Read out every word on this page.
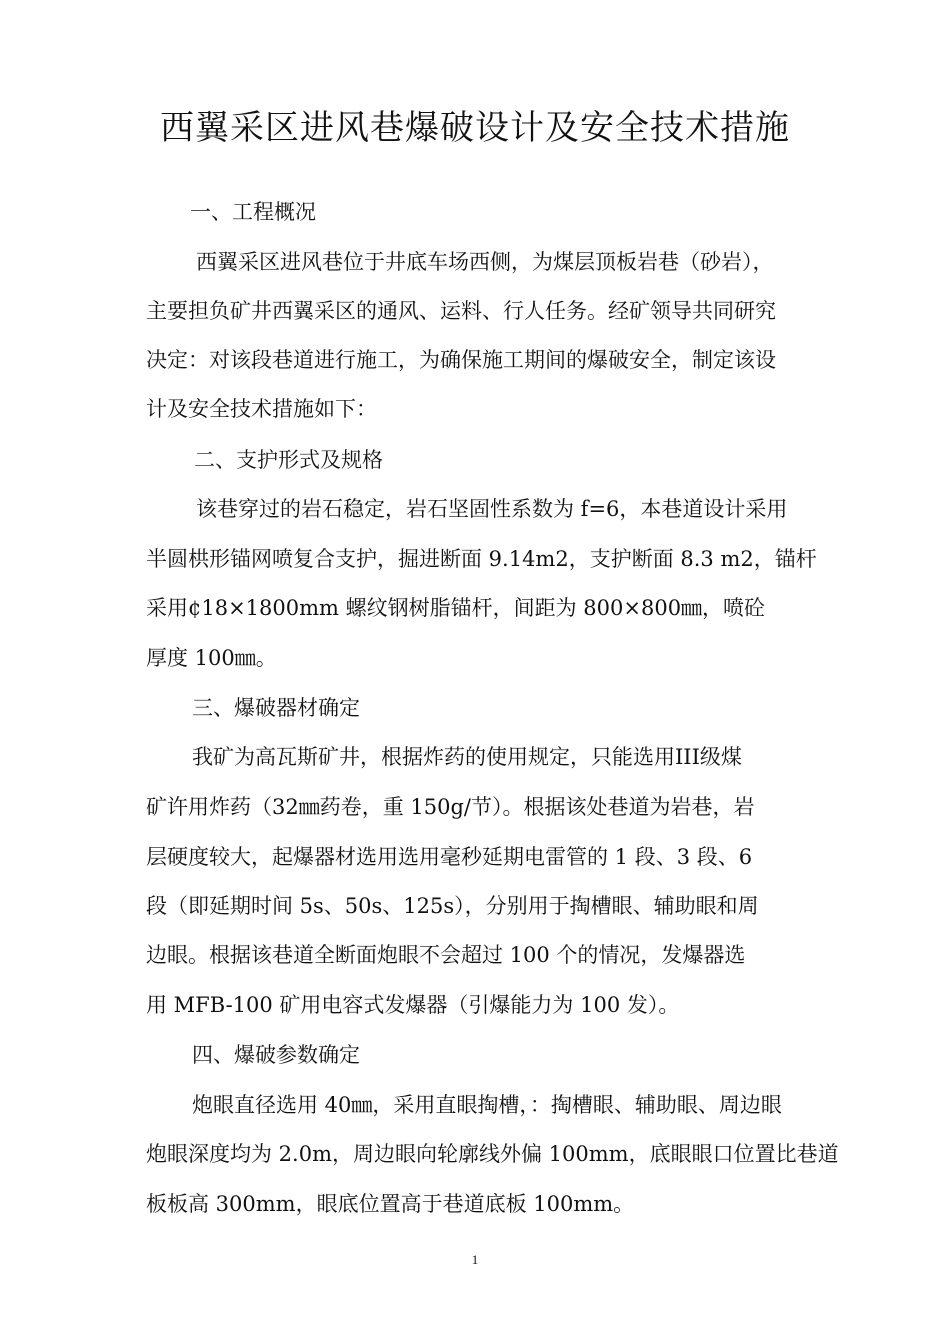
西翼采区进风巷爆破设计及安全技术措施
一、工程概况
西翼采区进风巷位于井底车场西侧，为煤层顶板岩巷（砂岩），
主要担负矿井西翼采区的通风、运料、行人任务。经矿领导共同研究
决定：对该段巷道进行施工，为确保施工期间的爆破安全，制定该设
计及安全技术措施如下：
二、支护形式及规格
该巷穿过的岩石稳定，岩石坚固性系数为 f=6，本巷道设计采用
半圆栱形锚网喷复合支护，掘进断面 9.14m2，支护断面 8.3 m2，锚杆
采用¢18×1800mm 螺纹钢树脂锚杆，间距为 800×800㎜，喷砼
厚度 100㎜。
三、爆破器材确定
我矿为高瓦斯矿井，根据炸药的使用规定，只能选用III级煤
矿许用炸药（32㎜药卷，重 150g/节）。根据该处巷道为岩巷，岩
层硬度较大，起爆器材选用选用毫秒延期电雷管的 1 段、3 段、6
段（即延期时间 5s、50s、125s），分别用于掏槽眼、辅助眼和周
边眼。根据该巷道全断面炮眼不会超过 100 个的情况，发爆器选
用 MFB-100 矿用电容式发爆器（引爆能力为 100 发）。
四、爆破参数确定
炮眼直径选用 40㎜，采用直眼掏槽，：掏槽眼、辅助眼、周边眼
炮眼深度均为 2.0m，周边眼向轮廓线外偏 100mm，底眼眼口位置比巷道
板板高 300mm，眼底位置高于巷道底板 100mm。
1
